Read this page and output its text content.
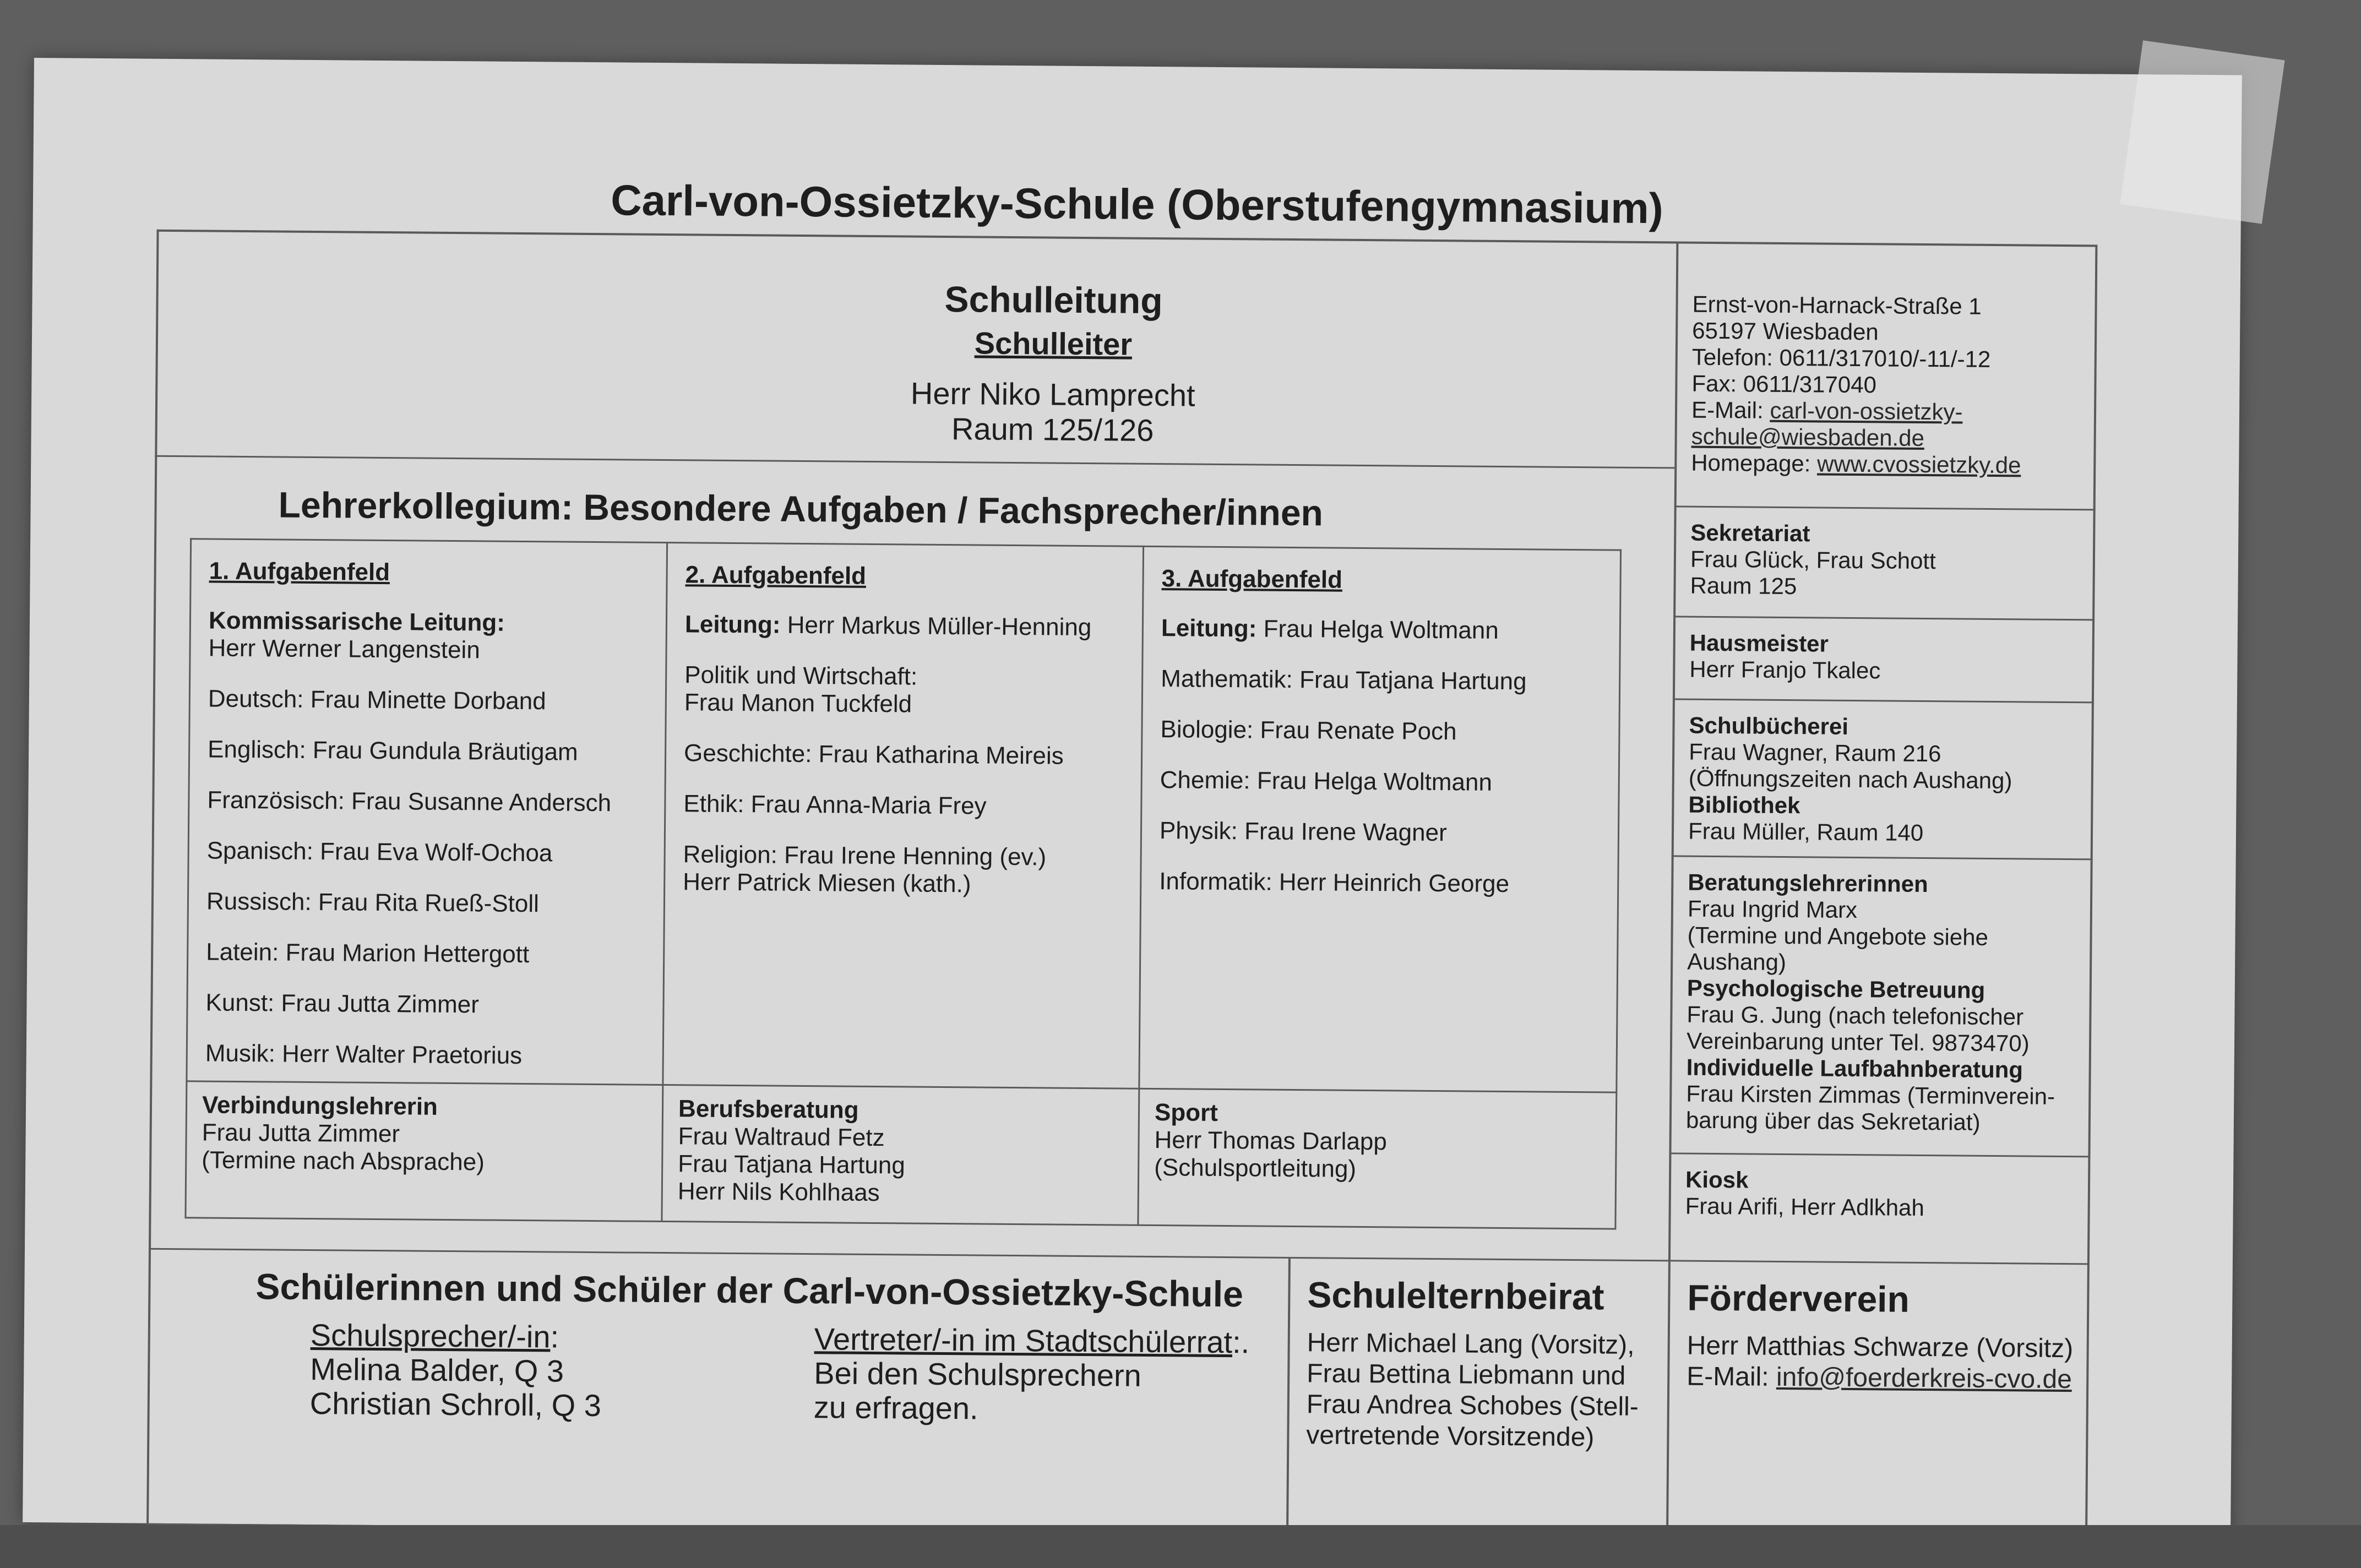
Carl-von-Ossietzky-Schule (Oberstufengymnasium)
Schulleitung
Schulleiter
Herr Niko Lamprecht
Raum 125/126
Ernst-von-Harnack-Straße 1
65197 Wiesbaden
Telefon: 0611/317010/-11/-12
Fax: 0611/317040
E-Mail: carl-von-ossietzky-
schule@wiesbaden.de
Homepage: www.cvossietzky.de
Lehrerkollegium: Besondere Aufgaben / Fachsprecher/innen
1. Aufgabenfeld
Kommissarische Leitung:
Herr Werner Langenstein
Deutsch: Frau Minette Dorband
Englisch: Frau Gundula Bräutigam
Französisch: Frau Susanne Andersch
Spanisch: Frau Eva Wolf-Ochoa
Russisch: Frau Rita Rueß-Stoll
Latein: Frau Marion Hettergott
Kunst: Frau Jutta Zimmer
Musik: Herr Walter Praetorius
2. Aufgabenfeld
Leitung: Herr Markus Müller-Henning
Politik und Wirtschaft:
Frau Manon Tuckfeld
Geschichte: Frau Katharina Meireis
Ethik: Frau Anna-Maria Frey
Religion: Frau Irene Henning (ev.)
Herr Patrick Miesen (kath.)
3. Aufgabenfeld
Leitung: Frau Helga Woltmann
Mathematik: Frau Tatjana Hartung
Biologie: Frau Renate Poch
Chemie: Frau Helga Woltmann
Physik: Frau Irene Wagner
Informatik: Herr Heinrich George
Verbindungslehrerin
Frau Jutta Zimmer
(Termine nach Absprache)
Berufsberatung
Frau Waltraud Fetz
Frau Tatjana Hartung
Herr Nils Kohlhaas
Sport
Herr Thomas Darlapp
(Schulsportleitung)
Sekretariat
Frau Glück, Frau Schott
Raum 125
Hausmeister
Herr Franjo Tkalec
Schulbücherei
Frau Wagner, Raum 216
(Öffnungszeiten nach Aushang)
Bibliothek
Frau Müller, Raum 140
Beratungslehrerinnen
Frau Ingrid Marx
(Termine und Angebote siehe
Aushang)
Psychologische Betreuung
Frau G. Jung (nach telefonischer
Vereinbarung unter Tel. 9873470)
Individuelle Laufbahnberatung
Frau Kirsten Zimmas (Terminverein-
barung über das Sekretariat)
Kiosk
Frau Arifi, Herr Adlkhah
Schülerinnen und Schüler der Carl-von-Ossietzky-Schule
Schulsprecher/-in:
Melina Balder, Q 3
Christian Schroll, Q 3
Vertreter/-in im Stadtschülerrat:.
Bei den Schulsprechern
zu erfragen.
Schulelternbeirat
Herr Michael Lang (Vorsitz),
Frau Bettina Liebmann und
Frau Andrea Schobes (Stell-
vertretende Vorsitzende)
Förderverein
Herr Matthias Schwarze (Vorsitz)
E-Mail: info@foerderkreis-cvo.de
